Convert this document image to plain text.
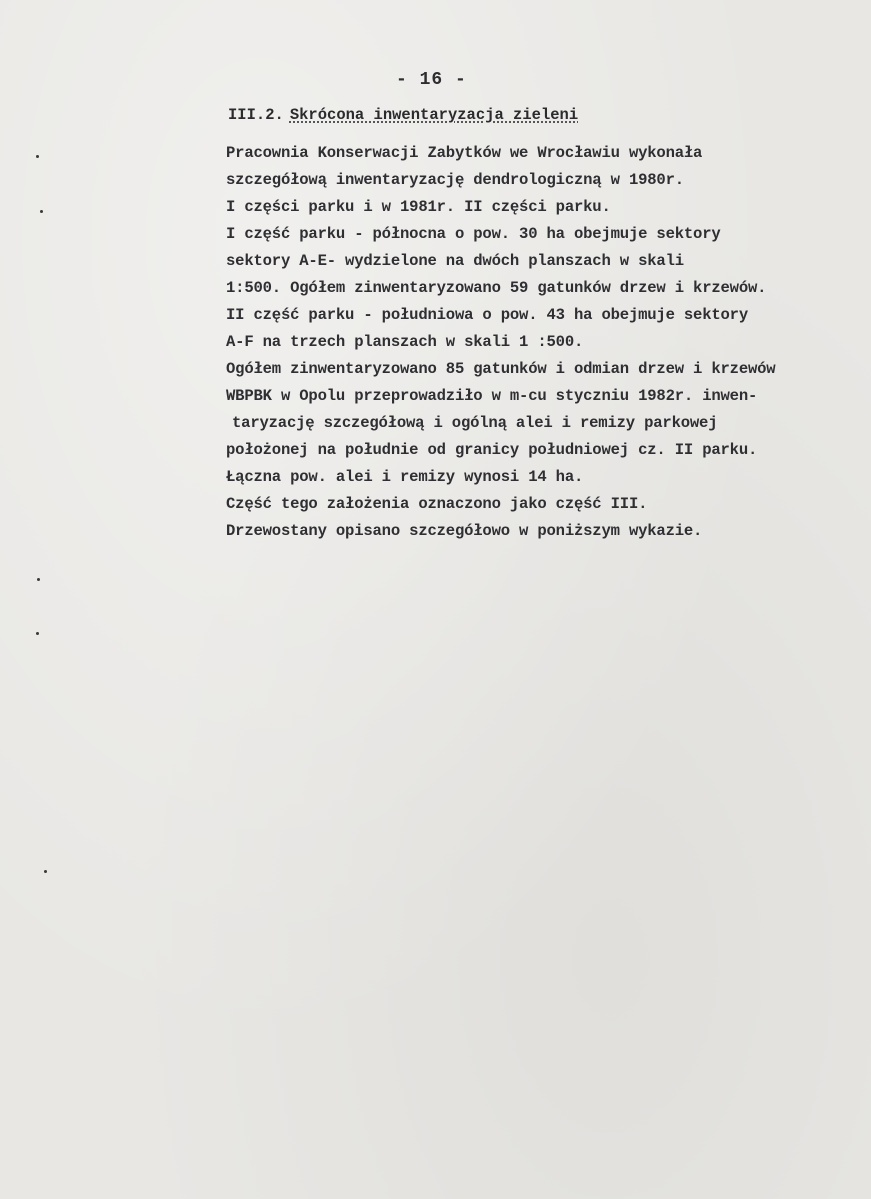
- 16 -
III.2. Skrócona inwentaryzacja zieleni
Pracownia Konserwacji Zabytków we Wrocławiu wykonała
szczegółową inwentaryzację dendrologiczną w 1980r.
I części parku i w 1981r. II części parku.
I część parku - północna o pow. 30 ha obejmuje sektory
sektory A-E- wydzielone na dwóch planszach w skali
1:500. Ogółem zinwentaryzowano 59 gatunków drzew i krzewów.
II część parku - południowa o pow. 43 ha obejmuje sektory
A-F na trzech planszach w skali 1 :500.
Ogółem zinwentaryzowano 85 gatunków i odmian drzew i krzewów
WBPBK w Opolu przeprowadziło w m-cu styczniu 1982r. inwen-
taryzację szczegółową i ogólną alei i remizy parkowej
położonej na południe od granicy południowej cz. II parku.
Łączna pow. alei i remizy wynosi 14 ha.
Część tego założenia oznaczono jako część III.
Drzewostany opisano szczegółowo w poniższym wykazie.
